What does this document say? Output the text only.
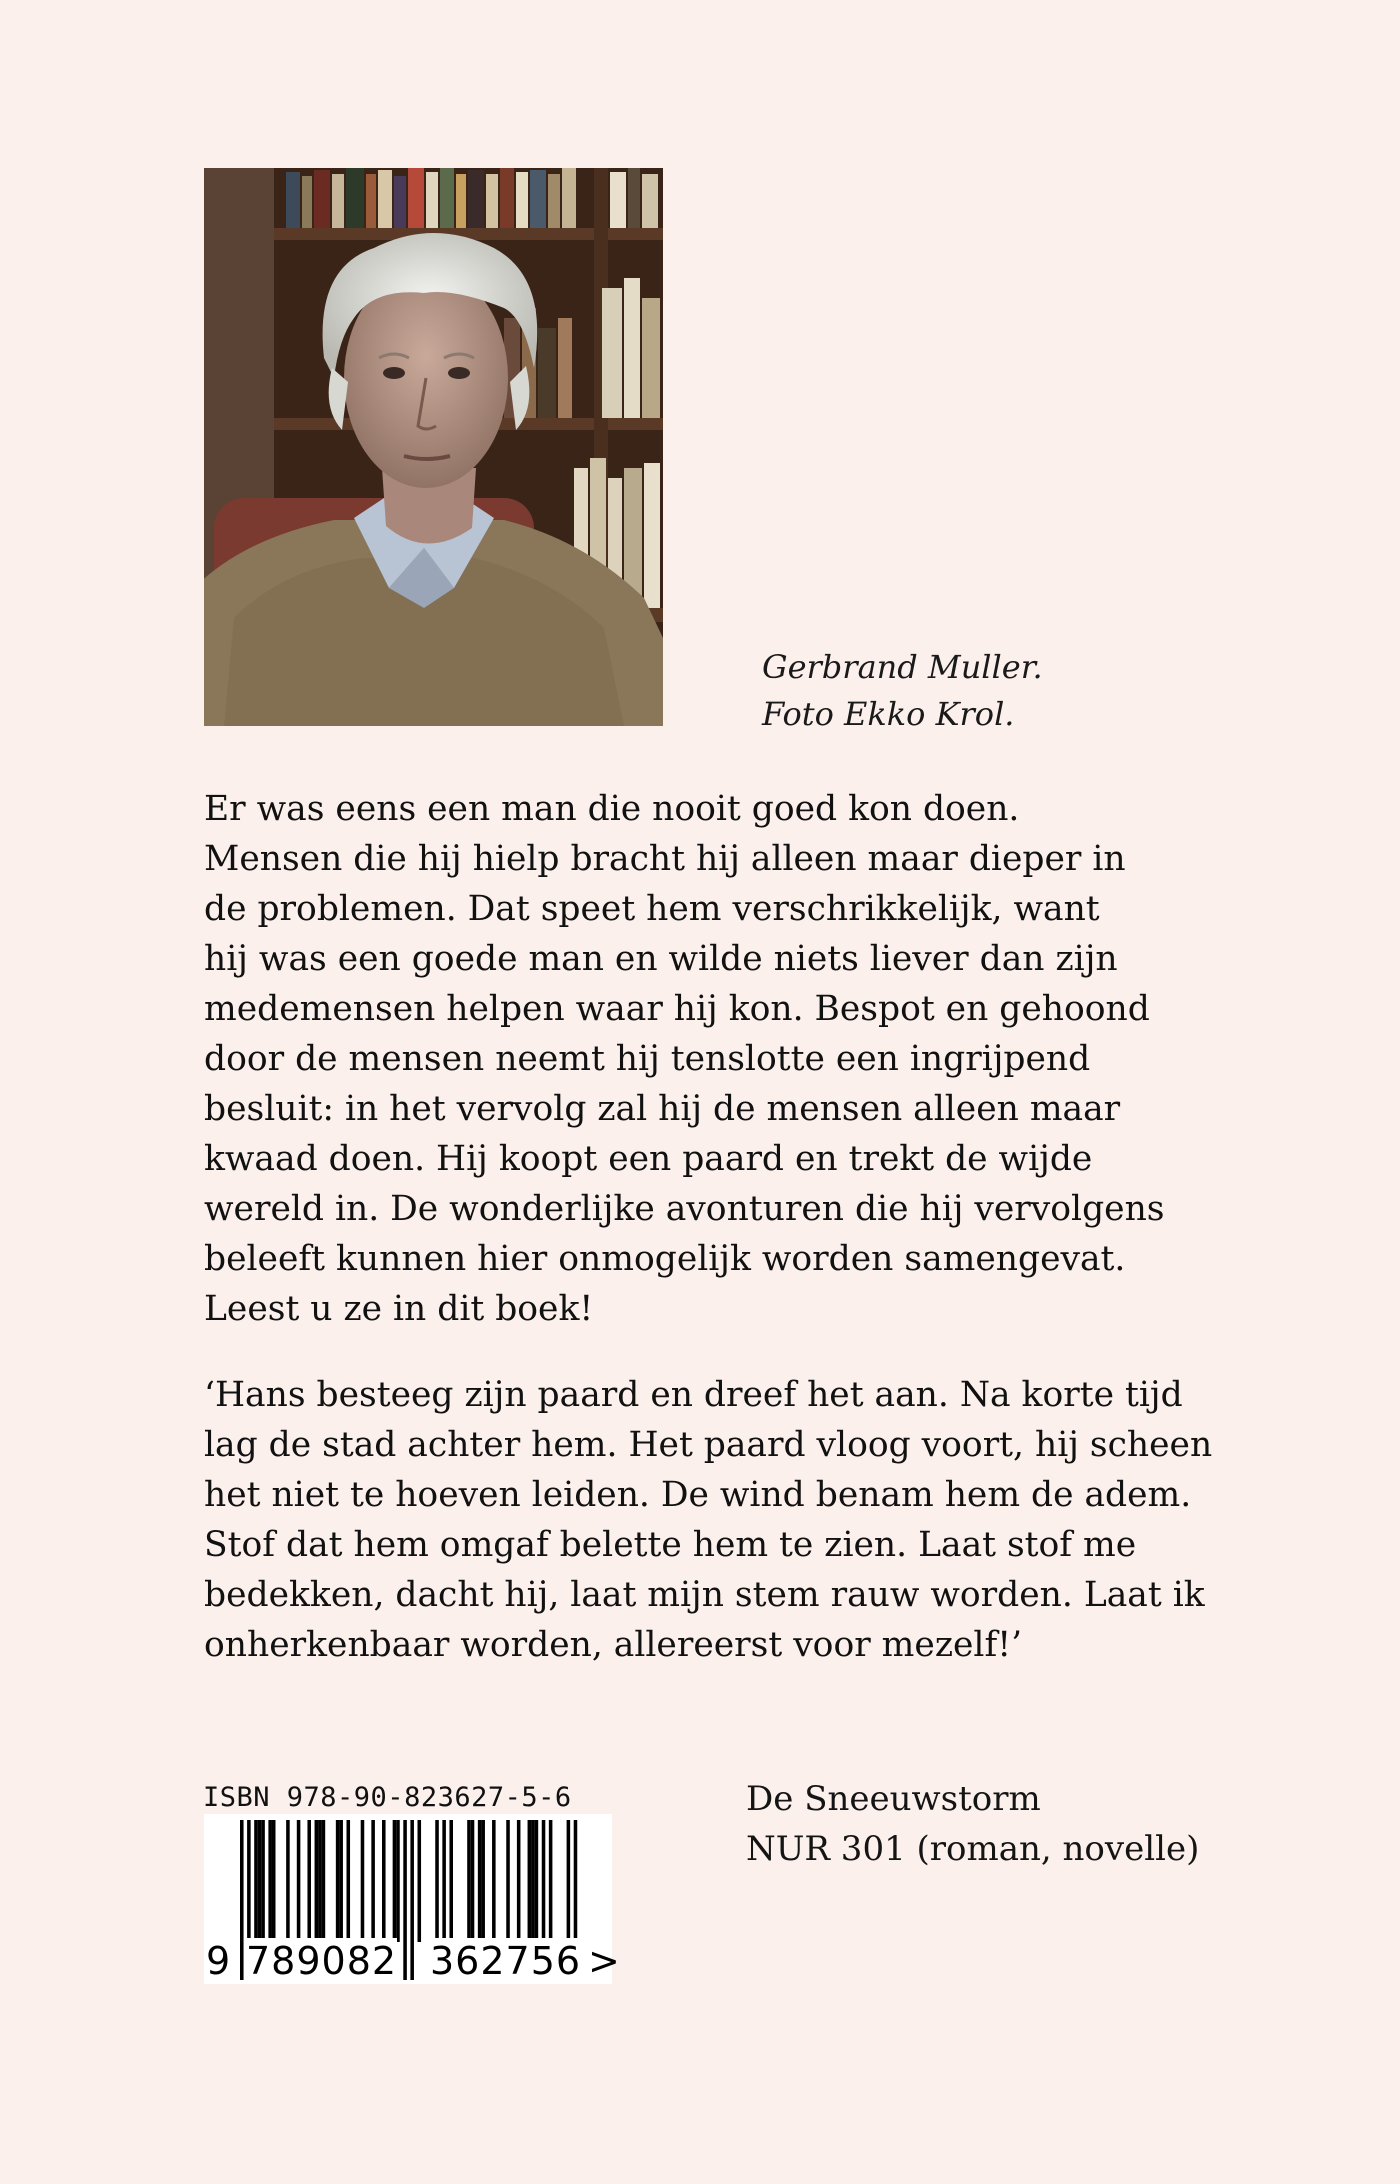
Gerbrand Muller.
Foto Ekko Krol.
Er was eens een man die nooit goed kon doen.
Mensen die hij hielp bracht hij alleen maar dieper in
de problemen. Dat speet hem verschrikkelijk, want
hij was een goede man en wilde niets liever dan zijn
medemensen helpen waar hij kon. Bespot en gehoond
door de mensen neemt hij tenslotte een ingrijpend
besluit: in het vervolg zal hij de mensen alleen maar
kwaad doen. Hij koopt een paard en trekt de wijde
wereld in. De wonderlijke avonturen die hij vervolgens
beleeft kunnen hier onmogelijk worden samengevat.
Leest u ze in dit boek!
‘Hans besteeg zijn paard en dreef het aan. Na korte tijd
lag de stad achter hem. Het paard vloog voort, hij scheen
het niet te hoeven leiden. De wind benam hem de adem.
Stof dat hem omgaf belette hem te zien. Laat stof me
bedekken, dacht hij, laat mijn stem rauw worden. Laat ik
onherkenbaar worden, allereerst voor mezelf!’
ISBN 978-90-823627-5-6
9 789082 362756 >
De Sneeuwstorm
NUR 301 (roman, novelle)
